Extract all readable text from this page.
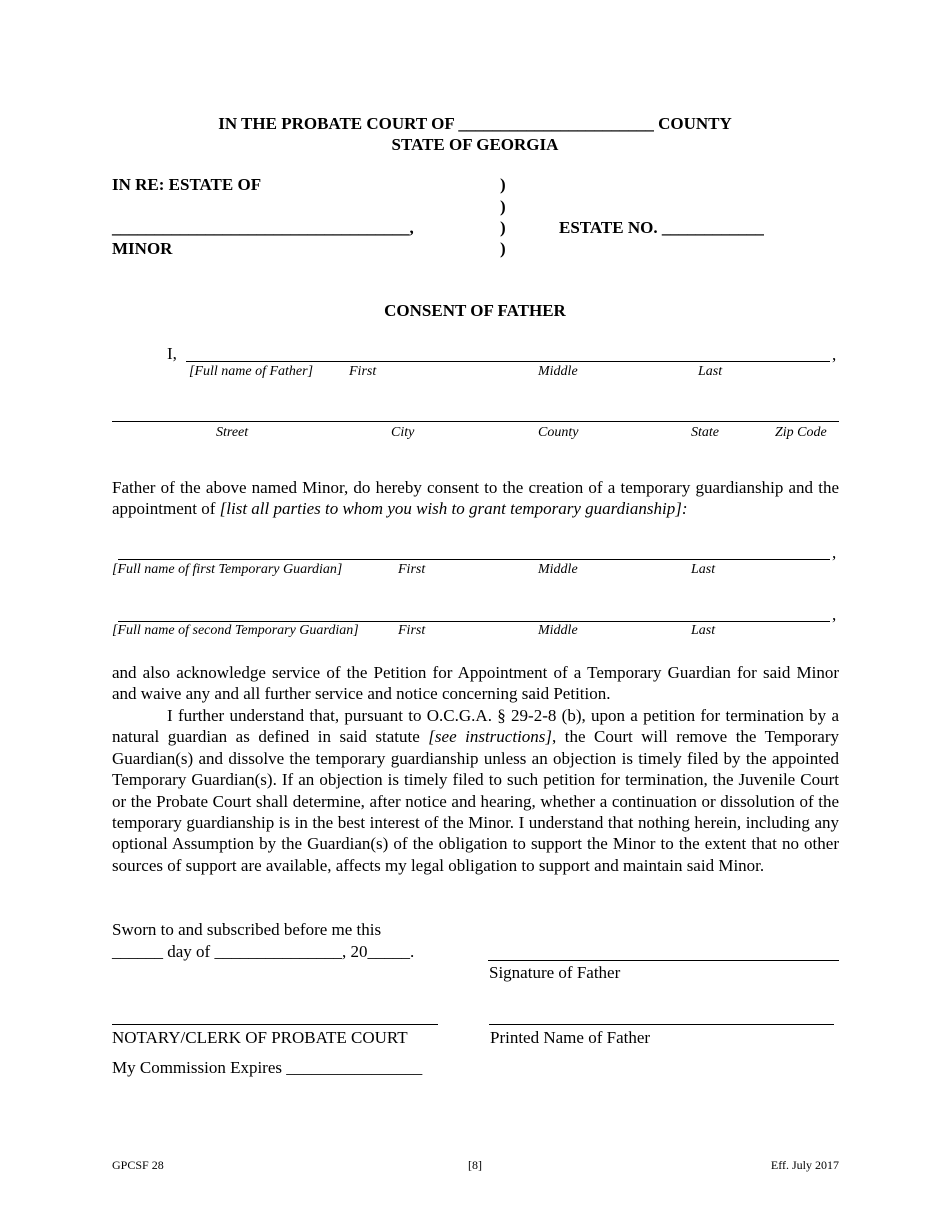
IN THE PROBATE COURT OF _______________________ COUNTY
STATE OF GEORGIA
IN RE: ESTATE OF
___________________________________,
MINOR
)
)
)
)
ESTATE NO. ____________
CONSENT OF FATHER
I,	,
[Full name of Father]	First	Middle	Last
Street	City	County	State	Zip Code
Father of the above named Minor, do hereby consent to the creation of a temporary guardianship and the appointment of [list all parties to whom you wish to grant temporary guardianship]:
,
[Full name of first Temporary Guardian]	First	Middle	Last
,
[Full name of second Temporary Guardian]	First	Middle	Last
and also acknowledge service of the Petition for Appointment of a Temporary Guardian for said Minor and waive any and all further service and notice concerning said Petition.
I further understand that, pursuant to O.C.G.A. § 29-2-8 (b), upon a petition for termination by a natural guardian as defined in said statute [see instructions], the Court will remove the Temporary Guardian(s) and dissolve the temporary guardianship unless an objection is timely filed by the appointed Temporary Guardian(s). If an objection is timely filed to such petition for termination, the Juvenile Court or the Probate Court shall determine, after notice and hearing, whether a continuation or dissolution of the temporary guardianship is in the best interest of the Minor. I understand that nothing herein, including any optional Assumption by the Guardian(s) of the obligation to support the Minor to the extent that no other sources of support are available, affects my legal obligation to support and maintain said Minor.
Sworn to and subscribed before me this
______ day of _______________, 20_____.
Signature of Father
NOTARY/CLERK OF PROBATE COURT	Printed Name of Father
My Commission Expires ________________
GPCSF 28	[8]	Eff. July 2017
